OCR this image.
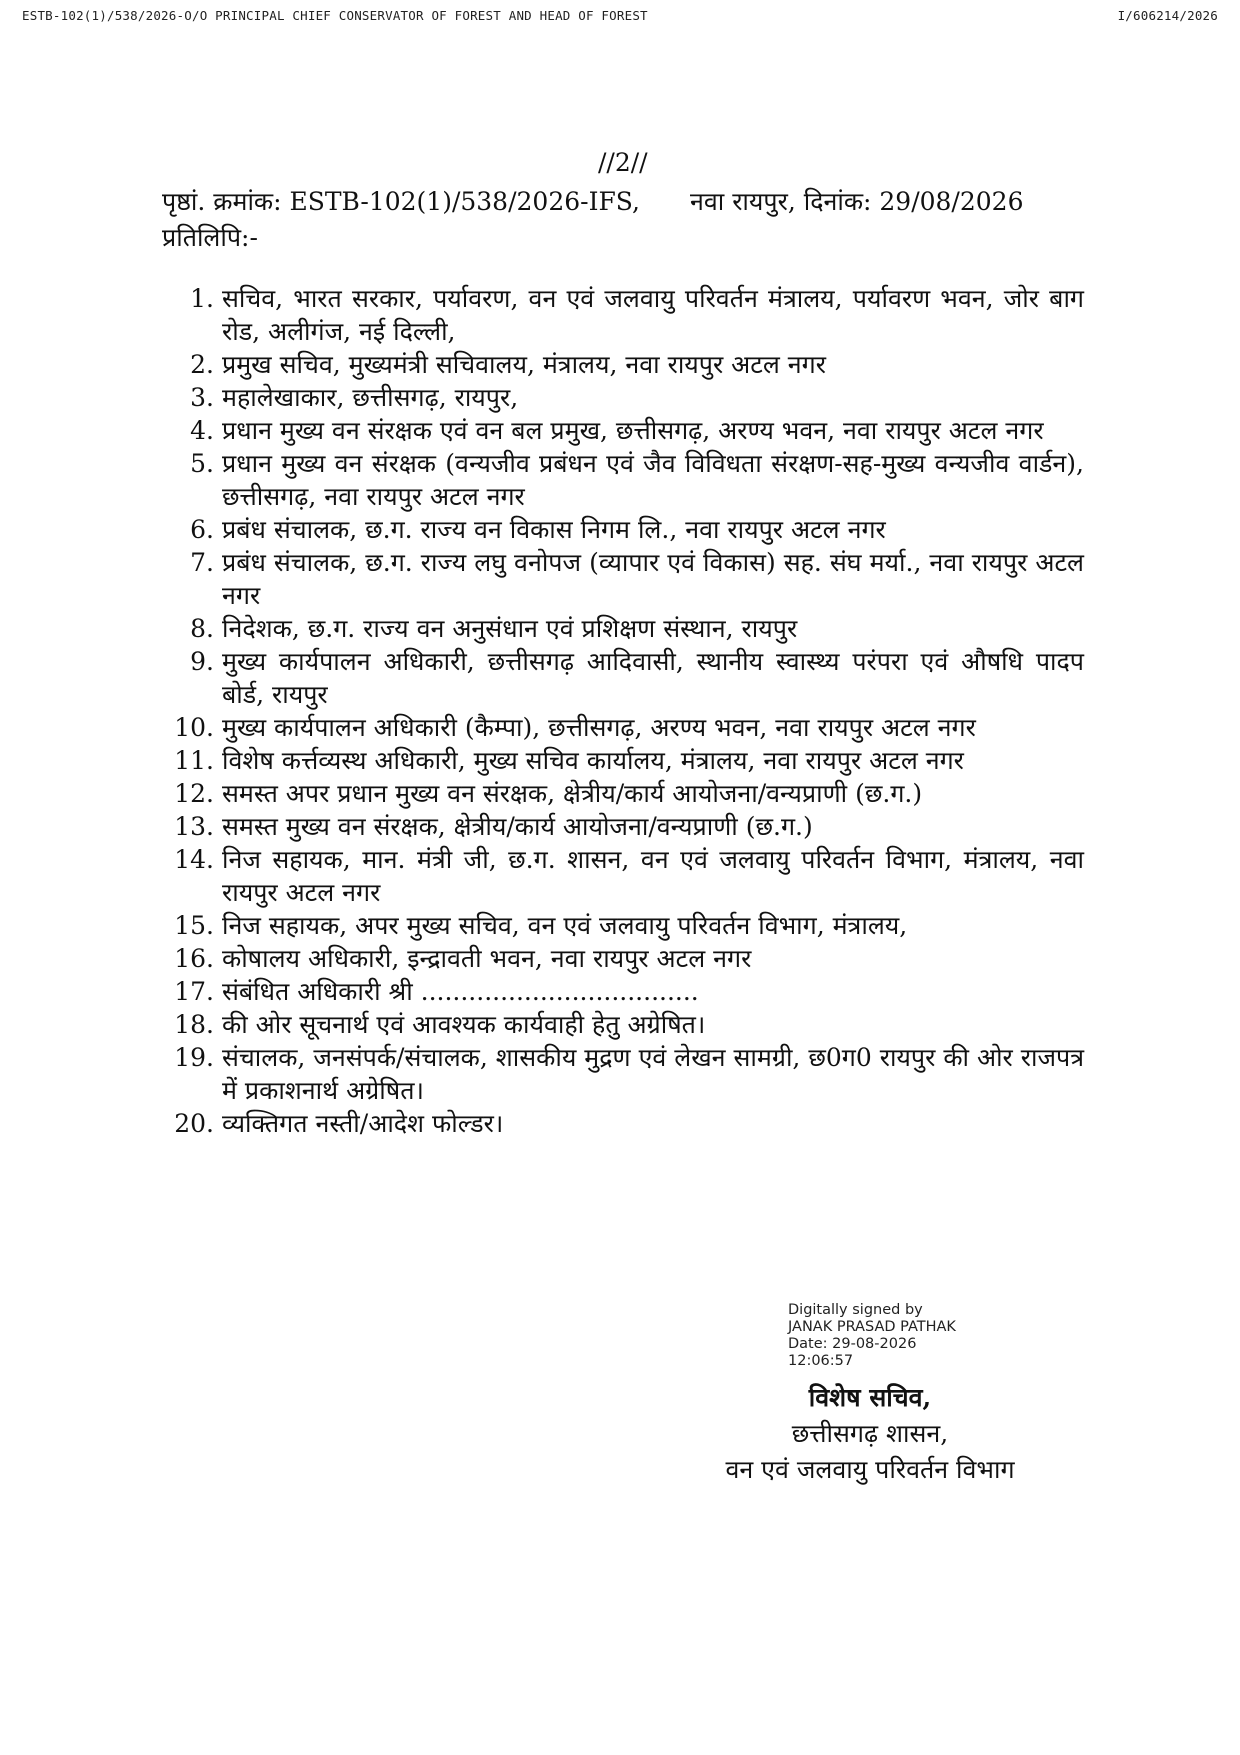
ESTB-102(1)/538/2026-O/O PRINCIPAL CHIEF CONSERVATOR OF FOREST AND HEAD OF FOREST	I/606214/2026
//2//
पृष्ठां. क्रमांक: ESTB-102(1)/538/2026-IFS, नवा रायपुर, दिनांक: 29/08/2026
प्रतिलिपि:-
1. सचिव, भारत सरकार, पर्यावरण, वन एवं जलवायु परिवर्तन मंत्रालय, पर्यावरण भवन, जोर बाग रोड, अलीगंज, नई दिल्ली,
2. प्रमुख सचिव, मुख्यमंत्री सचिवालय, मंत्रालय, नवा रायपुर अटल नगर
3. महालेखाकार, छत्तीसगढ़, रायपुर,
4. प्रधान मुख्य वन संरक्षक एवं वन बल प्रमुख, छत्तीसगढ़, अरण्य भवन, नवा रायपुर अटल नगर
5. प्रधान मुख्य वन संरक्षक (वन्यजीव प्रबंधन एवं जैव विविधता संरक्षण-सह-मुख्य वन्यजीव वार्डन), छत्तीसगढ़, नवा रायपुर अटल नगर
6. प्रबंध संचालक, छ.ग. राज्य वन विकास निगम लि., नवा रायपुर अटल नगर
7. प्रबंध संचालक, छ.ग. राज्य लघु वनोपज (व्यापार एवं विकास) सह. संघ मर्या., नवा रायपुर अटल नगर
8. निदेशक, छ.ग. राज्य वन अनुसंधान एवं प्रशिक्षण संस्थान, रायपुर
9. मुख्य कार्यपालन अधिकारी, छत्तीसगढ़ आदिवासी, स्थानीय स्वास्थ्य परंपरा एवं औषधि पादप बोर्ड, रायपुर
10. मुख्य कार्यपालन अधिकारी (कैम्पा), छत्तीसगढ़, अरण्य भवन, नवा रायपुर अटल नगर
11. विशेष कर्त्तव्यस्थ अधिकारी, मुख्य सचिव कार्यालय, मंत्रालय, नवा रायपुर अटल नगर
12. समस्त अपर प्रधान मुख्य वन संरक्षक, क्षेत्रीय/कार्य आयोजना/वन्यप्राणी (छ.ग.)
13. समस्त मुख्य वन संरक्षक, क्षेत्रीय/कार्य आयोजना/वन्यप्राणी (छ.ग.)
14. निज सहायक, मान. मंत्री जी, छ.ग. शासन, वन एवं जलवायु परिवर्तन विभाग, मंत्रालय, नवा रायपुर अटल नगर
15. निज सहायक, अपर मुख्य सचिव, वन एवं जलवायु परिवर्तन विभाग, मंत्रालय,
16. कोषालय अधिकारी, इन्द्रावती भवन, नवा रायपुर अटल नगर
17. संबंधित अधिकारी श्री ...................................
18. की ओर सूचनार्थ एवं आवश्यक कार्यवाही हेतु अग्रेषित।
19. संचालक, जनसंपर्क/संचालक, शासकीय मुद्रण एवं लेखन सामग्री, छ0ग0 रायपुर की ओर राजपत्र में प्रकाशनार्थ अग्रेषित।
20. व्यक्तिगत नस्ती/आदेश फोल्डर।
Digitally signed by
JANAK PRASAD PATHAK
Date: 29-08-2026
12:06:57
विशेष सचिव,
छत्तीसगढ़ शासन,
वन एवं जलवायु परिवर्तन विभाग
